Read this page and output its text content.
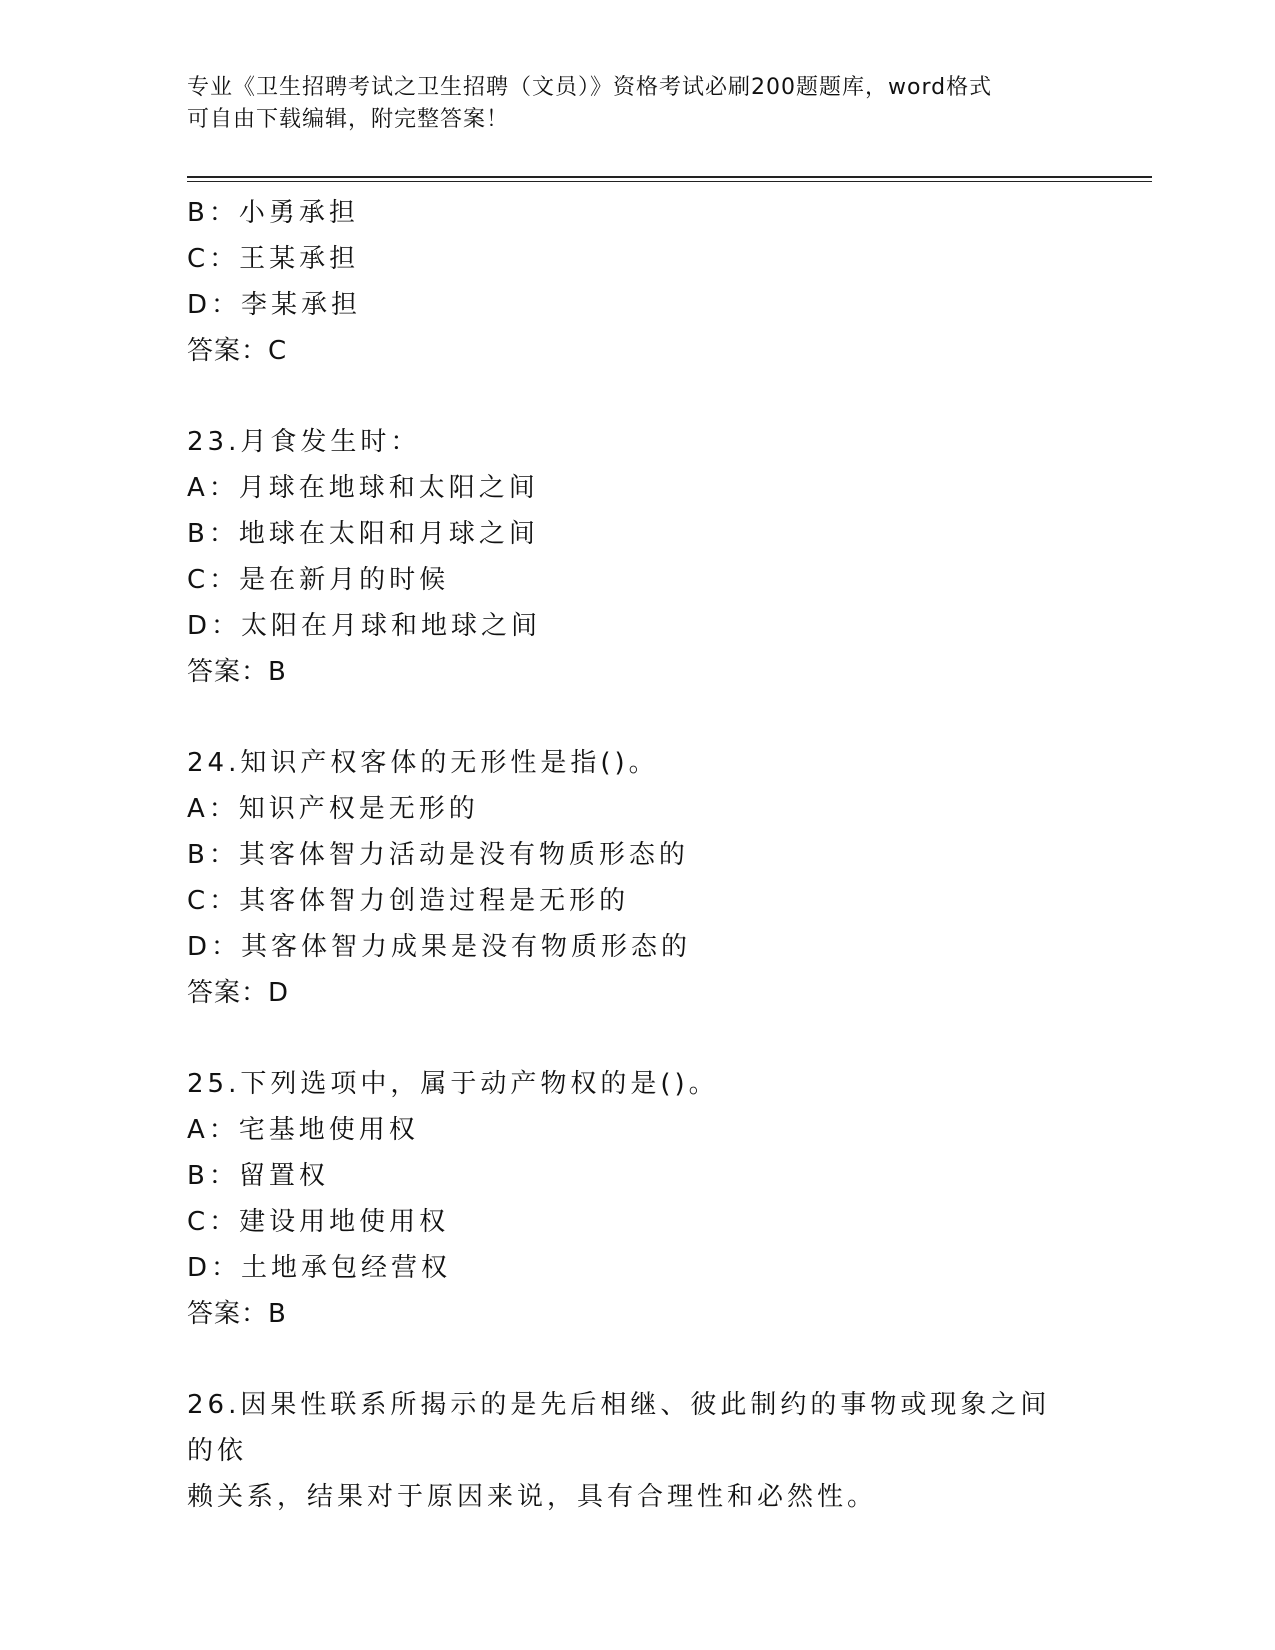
专业《卫生招聘考试之卫生招聘（文员）》资格考试必刷200题题库，word格式
可自由下载编辑，附完整答案！
B：小勇承担
C：王某承担
D：李某承担
答案：C
23.月食发生时：
A：月球在地球和太阳之间
B：地球在太阳和月球之间
C：是在新月的时候
D：太阳在月球和地球之间
答案：B
24.知识产权客体的无形性是指()。
A：知识产权是无形的
B：其客体智力活动是没有物质形态的
C：其客体智力创造过程是无形的
D：其客体智力成果是没有物质形态的
答案：D
25.下列选项中，属于动产物权的是()。
A：宅基地使用权
B：留置权
C：建设用地使用权
D：土地承包经营权
答案：B
26.因果性联系所揭示的是先后相继、彼此制约的事物或现象之间的依
赖关系，结果对于原因来说，具有合理性和必然性。
